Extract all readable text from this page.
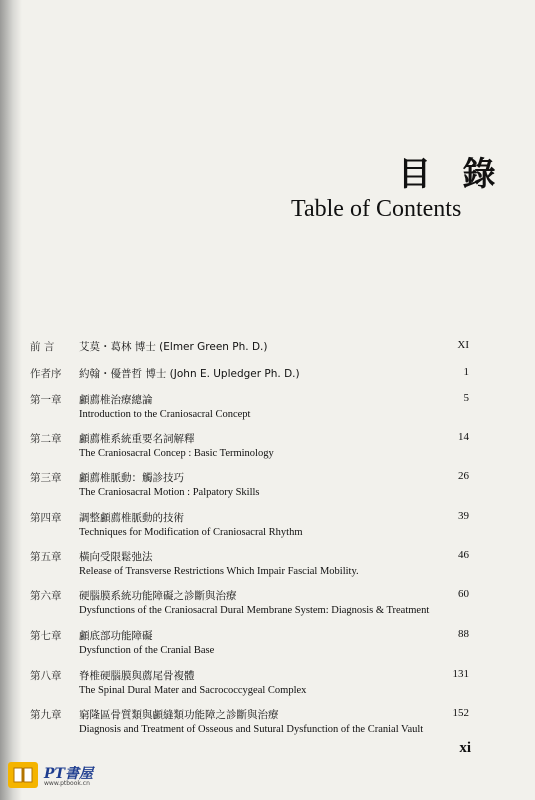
目 錄
Table of Contents
前 言 艾莫・葛林 博士 (Elmer Green Ph. D.)	XI
作者序 約翰・優普哲 博士 (John E. Upledger Ph. D.)	1
第一章 顱薦椎治療總論
Introduction to the Craniosacral Concept
5
第二章 顱薦椎系統重要名詞解釋
The Craniosacral Concep : Basic Terminology
14
第三章 顱薦椎脈動：觸診技巧
The Craniosacral Motion : Palpatory Skills
26
第四章 調整顱薦椎脈動的技術
Techniques for Modification of Craniosacral Rhythm
39
第五章 橫向受限鬆弛法
Release of Transverse Restrictions Which Impair Fascial Mobility.
46
第六章 硬腦膜系統功能障礙之診斷與治療
Dysfunctions of the Craniosacral Dural Membrane System: Diagnosis & Treatment
60
第七章 顱底部功能障礙
Dysfunction of the Cranial Base
88
第八章 脊椎硬腦膜與薦尾骨複體
The Spinal Dural Mater and Sacrococcygeal Complex
131
第九章 窮隆區骨質類與顱縫類功能障之診斷與治療
Diagnosis and Treatment of Osseous and Sutural Dysfunction of the Cranial Vault
152
xi
PT書屋
www.ptbook.cn
